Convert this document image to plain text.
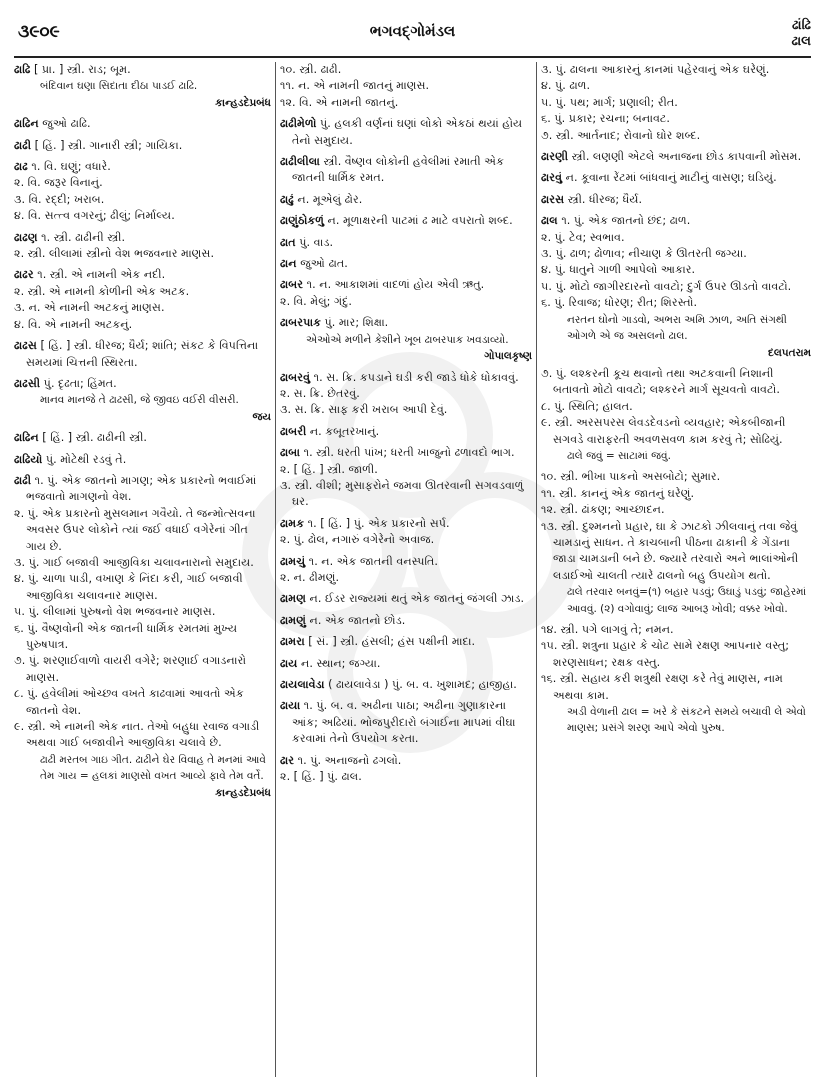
૩૯૦૯	ભગવદ્ગોમંડલ	ઢાંઢિ
ઢાલ
ઢાઢિ [ પ્રા. ] સ્ત્રી. રાડ; બૂમ.
બંદિવાન ઘણા સિદાતા દીઠા પાડઈ ઢાઢિ.
કાન્હડદેપ્રબંધ
ઢાઢિન જુઓ ઢાઢિ.
ઢાઢી [ હિં. ] સ્ત્રી. ગાનારી સ્ત્રી; ગાયિકા.
ઢાઢ ૧. વિ. ઘણું; વધારે.
૨. વિ. જરૂર વિનાનું.
૩. વિ. રદ્દી; ખરાબ.
૪. વિ. સત્ત્વ વગરનું; ઢીલું; નિર્માલ્ય.
ઢાઢણ ૧. સ્ત્રી. ઢાઢીની સ્ત્રી.
૨. સ્ત્રી. લીલામાં સ્ત્રીનો વેશ ભજવનાર માણસ.
ઢાઢર ૧. સ્ત્રી. એ નામની એક નદી.
૨. સ્ત્રી. એ નામની કોળીની એક અટક.
૩. ન. એ નામની અટકનું માણસ.
૪. વિ. એ નામની અટકનું.
ઢાઢસ [ હિં. ] સ્ત્રી. ધીરજ; ધૈર્ય; શાંતિ; સંકટ કે વિપત્તિના સમયમાં ચિત્તની સ્થિરતા.
ઢાઢસી પું. દૃઢતા; હિંમત.
માનવ માનજે તે ઢાઢસી, જે જીવઇ વઈરી વીસરી.
જય
ઢાઢિન [ હિં. ] સ્ત્રી. ઢાઢીની સ્ત્રી.
ઢાઢિયો પું. મોટેથી રડવું તે.
ઢાઢી ૧. પું. એક જાતનો માગણ; એક પ્રકારનો ભવાઈમાં ભજવાતો માગણનો વેશ.
૨. પું. એક પ્રકારનો મુસલમાન ગવૈયો. તે જન્મોત્સવના અવસર ઉપર લોકોને ત્યાં જઈ વધાઈ વગેરેનાં ગીત ગાય છે.
૩. પું. ગાઈ બજાવી આજીવિકા ચલાવનારાનો સમુદાય.
૪. પું. ચાળા પાડી, વખાણ કે નિંદા કરી, ગાઈ બજાવી આજીવિકા ચલાવનાર માણસ.
૫. પું. લીલામાં પુરુષનો વેશ ભજવનાર માણસ.
૬. પું. વૈષ્ણવોની એક જાતની ધાર્મિક રમતમાં મુખ્ય પુરુષપાત્ર.
૭. પું. શરણાઈવાળો વાયરી વગેરે; શરણાઈ વગાડનારો માણસ.
૮. પું. હવેલીમાં ઓચ્છવ વખતે કાઢવામાં આવતો એક જાતનો વેશ.
૯. સ્ત્રી. એ નામની એક નાત. તેઓ બહુધા રવાજ વગાડી અથવા ગાઈ બજાવીને આજીવિકા ચલાવે છે.
ઢાઢી મરતબ ગાઇ ગીત. ઢાઢીને ઘેર વિવાહ તે મનમાં આવે તેમ ગાય = હલકાં માણસો વખત આવ્યે ફાવે તેમ વર્તે.
કાન્હડદેપ્રબંધ
૧૦. સ્ત્રી. ઢાઢી.
૧૧. ન. એ નામની જાતનું માણસ.
૧૨. વિ. એ નામની જાતનું.
ઢાઢીમેળો પું. હલકી વર્ણનાં ઘણાં લોકો એકઠાં થયાં હોય તેનો સમુદાય.
ઢાઢીલીલા સ્ત્રી. વૈષ્ણવ લોકોની હવેલીમાં રમાતી એક જાતની ધાર્મિક રમત.
ઢાઢું ન. મૂએલું ઢોર.
ઢાણુંઠોકળું ન. મૂળાક્ષરની પાટમાં ઢ માટે વપરાતો શબ્દ.
ઢાત પું. વાડ.
ઢાન જુઓ ઢાત.
ઢાબર ૧. ન. આકાશમાં વાદળાં હોય એવી ઋતુ.
૨. વિ. મેલું; ગંદું.
ઢાબરપાક પું. માર; શિક્ષા.
એઓએ મળીને કેશીને ખૂબ ઢાબરપાક ખવડાવ્યો.
ગોપાલકૃષ્ણ
ઢાબરવું ૧. સ. ક્રિ. કપડાને ઘડી કરી જાડે ધોકે ધોકાવવું.
૨. સ. ક્રિ. છેતરવું.
૩. સ. ક્રિ. સાફ કરી ખરાબ આપી દેવું.
ઢાબરી ન. કબૂતરખાનું.
ઢાબા ૧. સ્ત્રી. ધરતી પાંખ; ધરતી ખાજુનો ઢળાવદો ભાગ.
૨. [ હિં. ] સ્ત્રી. જાળી.
૩. સ્ત્રી. વીશી; મુસાફરોને જમવા ઊતરવાની સગવડવાળું ઘર.
ઢામક ૧. [ હિં. ] પું. એક પ્રકારનો સર્પ.
૨. પું. ઢોલ, નગારું વગેરેનો અવાજ.
ઢામચું ૧. ન. એક જાતની વનસ્પતિ.
૨. ન. ઢીમણું.
ઢામણ ન. ઈડર રાજ્યમાં થતું એક જાતનું જંગલી ઝાડ.
ઢામણું ન. એક જાતનો છોડ.
ઢામરા [ સં. ] સ્ત્રી. હંસલી; હંસ પક્ષીની માદા.
ઢાય ન. સ્થાન; જગ્યા.
ઢાયલાવેડા ( ઢાયલાવેડા ) પું. બ. વ. ખુશામદ; હાજીહા.
ઢાયા ૧. પું. બ. વ. અઢીના પાઠા; અઢીના ગુણાકારના આંક; અઢિયાં. ભોજપુરીદારો બંગાઈના માપમાં વીઘા કરવામાં તેનો ઉપયોગ કરતા.
ઢાર ૧. પું. અનાજનો ઢગલો.
૨. [ હિં. ] પું. ઢાલ.
૩. પું. ઢાલના આકારનું કાનમાં પહેરવાનું એક ઘરેણું.
૪. પું. ઢાળ.
૫. પું. પથ; માર્ગ; પ્રણાલી; રીત.
૬. પું. પ્રકાર; રચના; બનાવટ.
૭. સ્ત્રી. આર્તનાદ; રોવાનો ઘોર શબ્દ.
ઢારણી સ્ત્રી. લણણી એટલે અનાજના છોડ કાપવાની મોસમ.
ઢારવું ન. કૂવાના રેંટમાં બાંધવાનું માટીનું વાસણ; ઘડિયું.
ઢારસ સ્ત્રી. ધીરજ; ધૈર્ય.
ઢાલ ૧. પું. એક જાતનો છંદ; ઢાળ.
૨. પું. ટેવ; સ્વભાવ.
૩. પું. ઢાળ; ઢોળાવ; નીચાણ કે ઊતરતી જગ્યા.
૪. પું. ધાતુને ગાળી આપેલો આકાર.
૫. પું. મોટો જાગીરદારનો વાવટો; દુર્ગ ઉપર ઊડતો વાવટો.
૬. પું. રિવાજ; ધોરણ; રીત; શિરસ્તો.
નરતન ઘોનો ગાડવો, અભરા અમિ ઝાળ, અતિ સંગથી ઓગળે એ જ અસલનો ઢાલ.
દલપતરામ
૭. પું. લશ્કરની કૂચ થવાનો તથા અટકવાની નિશાની બતાવતો મોટો વાવટો; લશ્કરને માર્ગ સૂચવતો વાવટો.
૮. પું. સ્થિતિ; હાલત.
૯. સ્ત્રી. અરસપરસ લેવડદેવડનો વ્યવહાર; એકબીજાની સગવડે વારાફરતી અવળસવળ કામ કરવું તે; સોઢિયું.
ઢાલે જવું = સાટામાં જવું.
૧૦. સ્ત્રી. ભીખા પાકનો અસબોટો; સુમાર.
૧૧. સ્ત્રી. કાનનું એક જાતનું ઘરેણું.
૧૨. સ્ત્રી. ઢાંકણ; આચ્છાદન.
૧૩. સ્ત્રી. દુશ્મનનો પ્રહાર, ઘા કે ઝાટકો ઝીલવાનું તવા જેવું ચામડાનું સાધન. તે કાચબાની પીઠના ઢાકાની કે ગેંડાના જાડા ચામડાની બને છે. જ્યારે તરવારો અને ભાલાંઓની લડાઈઓ ચાલતી ત્યારે ઢાલનો બહુ ઉપયોગ થતો.
ઢાલે તરવાર બનવું=(૧) બહાર પડવું; ઉઘાડું પડવું; જાહેરમાં આવવું. (૨) વગોવાવું; લાજ આબરૂ ખોવી; વક્કર ખોવો.
૧૪. સ્ત્રી. પગે લાગવું તે; નમન.
૧૫. સ્ત્રી. શત્રુના પ્રહાર કે ચોટ સામે રક્ષણ આપનાર વસ્તુ; શરણસાધન; રક્ષક વસ્તુ.
૧૬. સ્ત્રી. સહાય કરી શત્રુથી રક્ષણ કરે તેવું માણસ, નામ અથવા કામ.
અડી વેળાની ઢાલ = ખરે કે સંકટને સમયે બચાવી લે એવો માણસ; પ્રસંગે શરણ આપે એવો પુરુષ.
